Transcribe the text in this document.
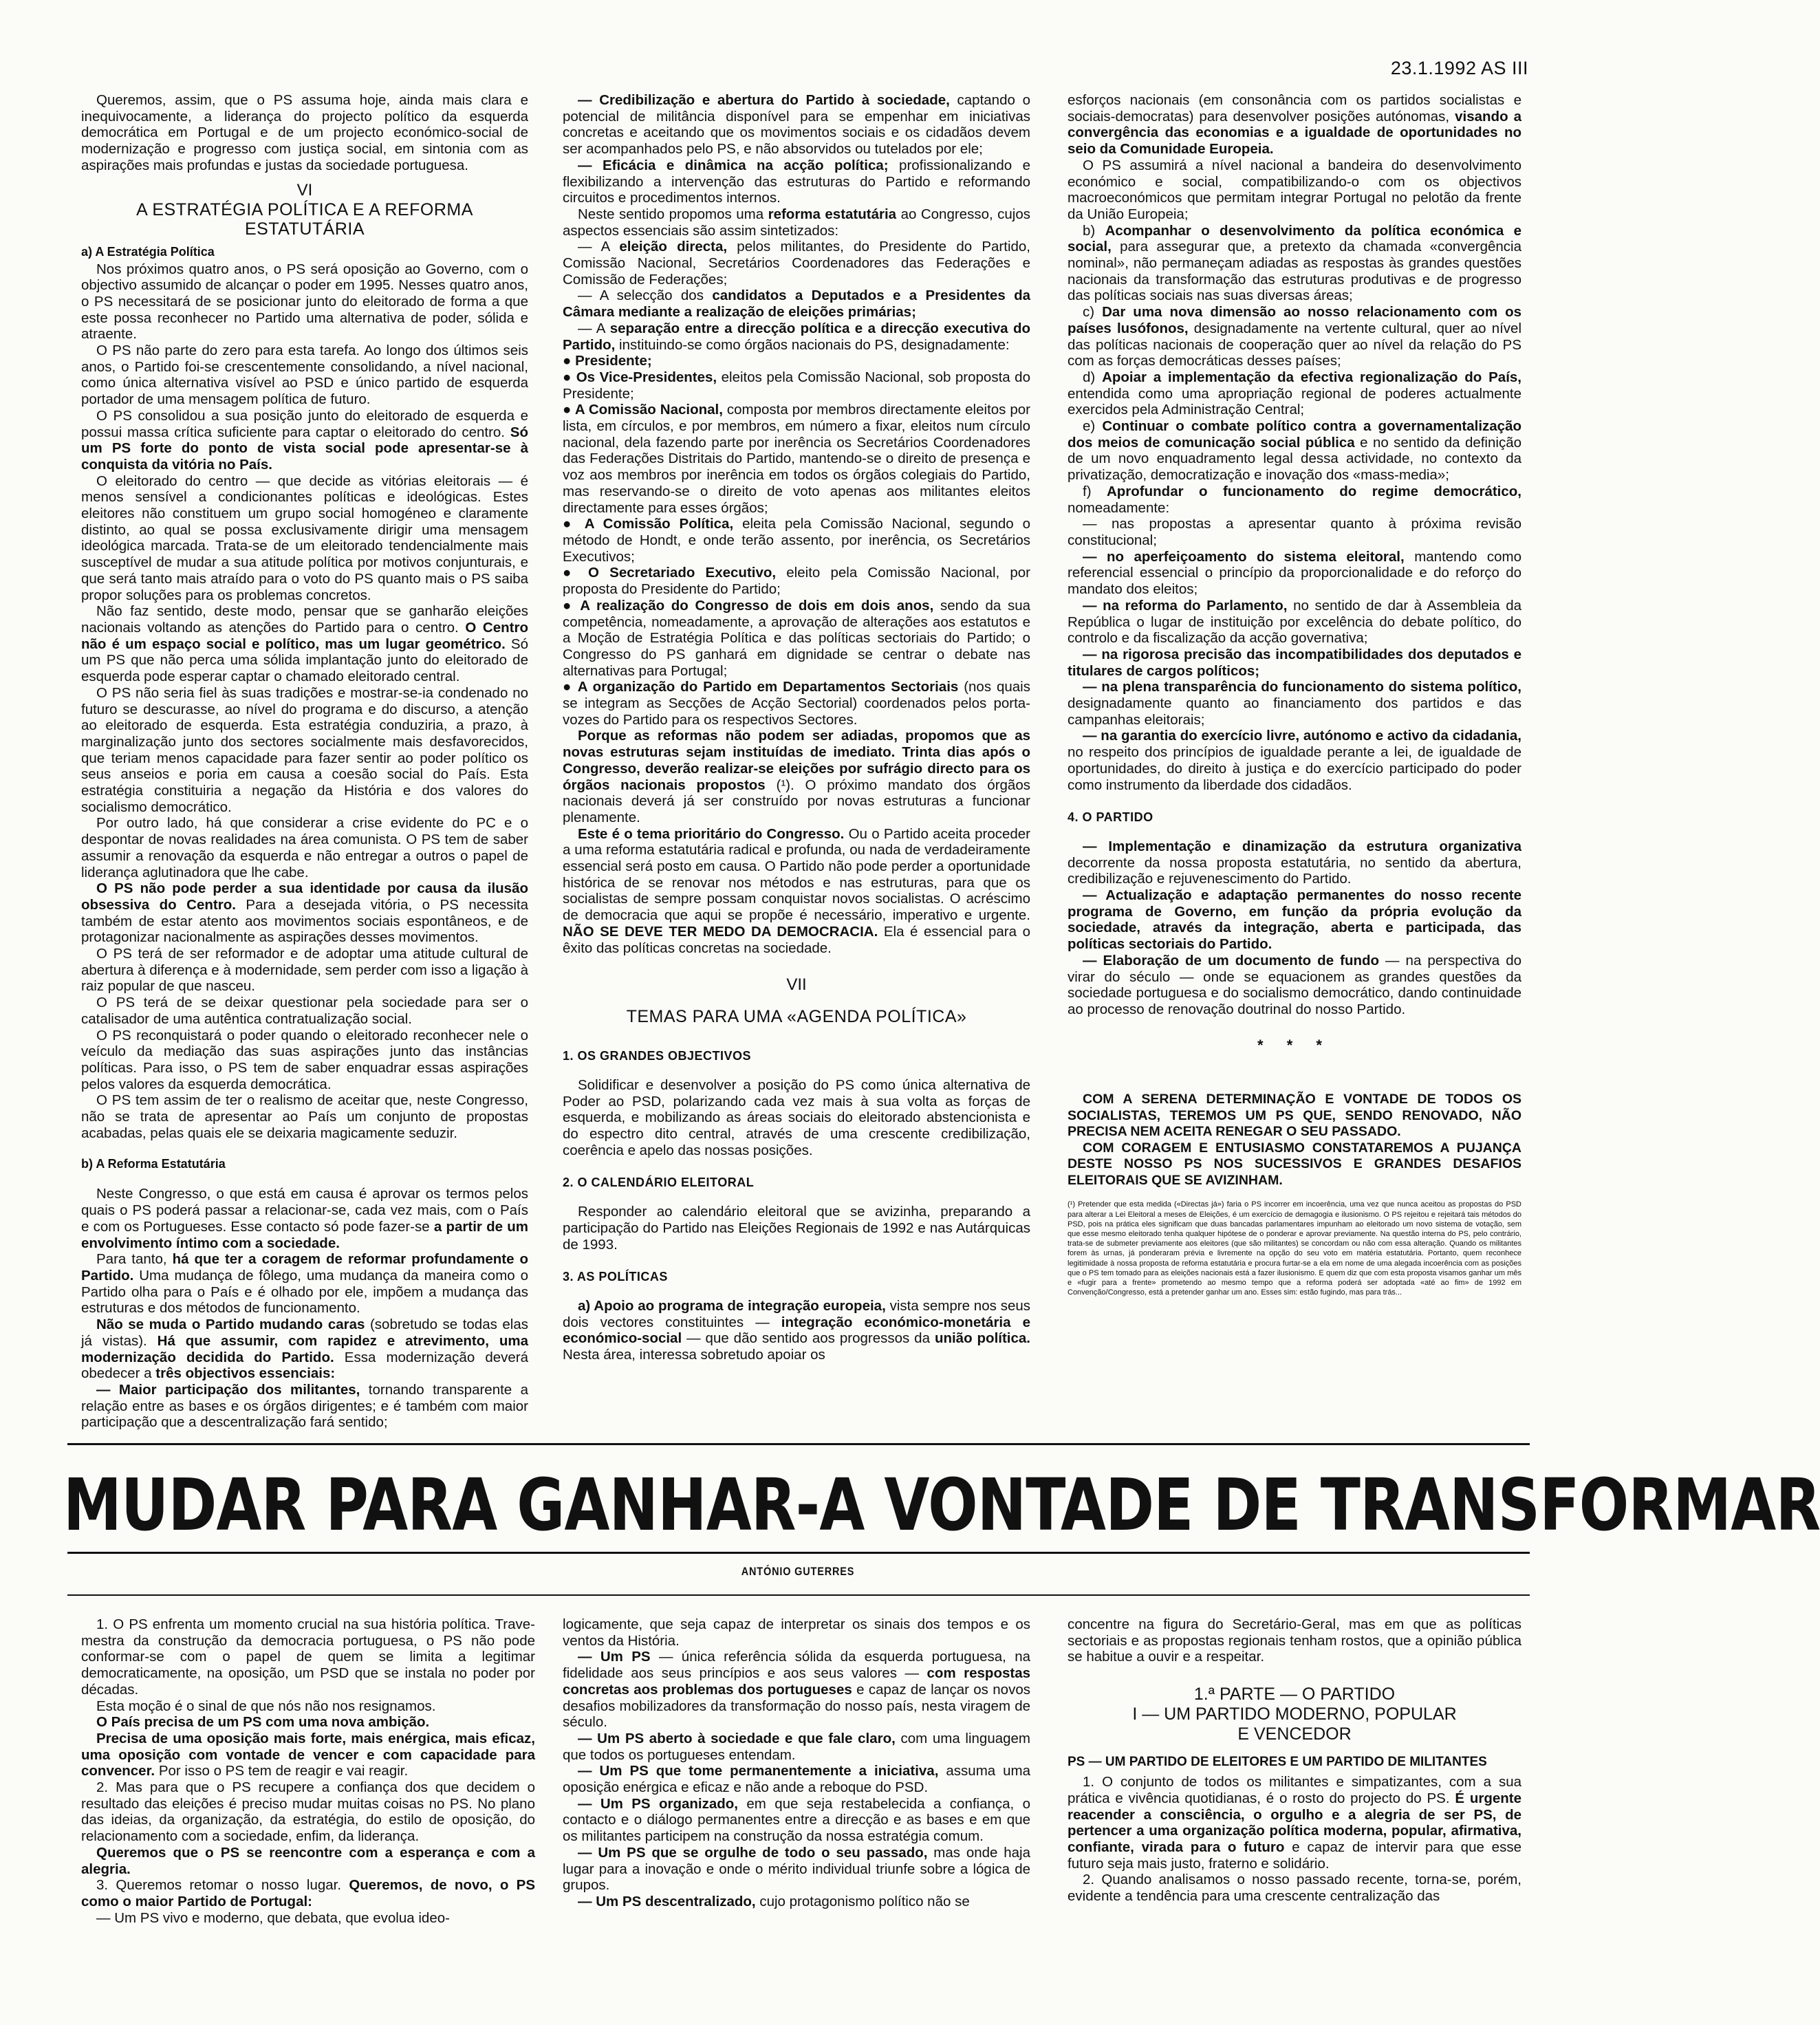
23.1.1992 AS III

Queremos, assim, que o PS assuma hoje, ainda mais clara e inequivocamente, a liderança do projecto político da esquerda democrática em Portugal e de um projecto económico-social de modernização e progresso com justiça social, em sintonia com as aspirações mais profundas e justas da sociedade portuguesa.

VI
A ESTRATÉGIA POLÍTICA E A REFORMA ESTATUTÁRIA
a) A Estratégia Política

Nos próximos quatro anos, o PS será oposição ao Governo, com o objectivo assumido de alcançar o poder em 1995. Nesses quatro anos, o PS necessitará de se posicionar junto do eleitorado de forma a que este possa reconhecer no Partido uma alternativa de poder, sólida e atraente.

O PS não parte do zero para esta tarefa. Ao longo dos últimos seis anos, o Partido foi-se crescentemente consolidando, a nível nacional, como única alternativa visível ao PSD e único partido de esquerda portador de uma mensagem política de futuro.

O PS consolidou a sua posição junto do eleitorado de esquerda e possui massa crítica suficiente para captar o eleitorado do centro. Só um PS forte do ponto de vista social pode apresentar-se à conquista da vitória no País.

O eleitorado do centro — que decide as vitórias eleitorais — é menos sensível a condicionantes políticas e ideológicas. Estes eleitores não constituem um grupo social homogéneo e claramente distinto, ao qual se possa exclusivamente dirigir uma mensagem ideológica marcada. Trata-se de um eleitorado tendencialmente mais susceptível de mudar a sua atitude política por motivos conjunturais, e que será tanto mais atraído para o voto do PS quanto mais o PS saiba propor soluções para os problemas concretos.

Não faz sentido, deste modo, pensar que se ganharão eleições nacionais voltando as atenções do Partido para o centro. O Centro não é um espaço social e político, mas um lugar geométrico. Só um PS que não perca uma sólida implantação junto do eleitorado de esquerda pode esperar captar o chamado eleitorado central.

O PS não seria fiel às suas tradições e mostrar-se-ia condenado no futuro se descurasse, ao nível do programa e do discurso, a atenção ao eleitorado de esquerda. Esta estratégia conduziria, a prazo, à marginalização junto dos sectores socialmente mais desfavorecidos, que teriam menos capacidade para fazer sentir ao poder político os seus anseios e poria em causa a coesão social do País. Esta estratégia constituiria a negação da História e dos valores do socialismo democrático.

Por outro lado, há que considerar a crise evidente do PC e o despontar de novas realidades na área comunista. O PS tem de saber assumir a renovação da esquerda e não entregar a outros o papel de liderança aglutinadora que lhe cabe.

O PS não pode perder a sua identidade por causa da ilusão obsessiva do Centro. Para a desejada vitória, o PS necessita também de estar atento aos movimentos sociais espontâneos, e de protagonizar nacionalmente as aspirações desses movimentos.

O PS terá de ser reformador e de adoptar uma atitude cultural de abertura à diferença e à modernidade, sem perder com isso a ligação à raiz popular de que nasceu.

O PS terá de se deixar questionar pela sociedade para ser o catalisador de uma autêntica contratualização social.

O PS reconquistará o poder quando o eleitorado reconhecer nele o veículo da mediação das suas aspirações junto das instâncias políticas. Para isso, o PS tem de saber enquadrar essas aspirações pelos valores da esquerda democrática.

O PS tem assim de ter o realismo de aceitar que, neste Congresso, não se trata de apresentar ao País um conjunto de propostas acabadas, pelas quais ele se deixaria magicamente seduzir.

b) A Reforma Estatutária

Neste Congresso, o que está em causa é aprovar os termos pelos quais o PS poderá passar a relacionar-se, cada vez mais, com o País e com os Portugueses. Esse contacto só pode fazer-se a partir de um envolvimento íntimo com a sociedade.

Para tanto, há que ter a coragem de reformar profundamente o Partido. Uma mudança de fôlego, uma mudança da maneira como o Partido olha para o País e é olhado por ele, impõem a mudança das estruturas e dos métodos de funcionamento.

Não se muda o Partido mudando caras (sobretudo se todas elas já vistas). Há que assumir, com rapidez e atrevimento, uma modernização decidida do Partido. Essa modernização deverá obedecer a três objectivos essenciais:

— Maior participação dos militantes, tornando transparente a relação entre as bases e os órgãos dirigentes; e é também com maior participação que a descentralização fará sentido;

— Credibilização e abertura do Partido à sociedade, captando o potencial de militância disponível para se empenhar em iniciativas concretas e aceitando que os movimentos sociais e os cidadãos devem ser acompanhados pelo PS, e não absorvidos ou tutelados por ele;

— Eficácia e dinâmica na acção política; profissionalizando e flexibilizando a intervenção das estruturas do Partido e reformando circuitos e procedimentos internos.

Neste sentido propomos uma reforma estatutária ao Congresso, cujos aspectos essenciais são assim sintetizados:

— A eleição directa, pelos militantes, do Presidente do Partido, Comissão Nacional, Secretários Coordenadores das Federações e Comissão de Federações;

— A selecção dos candidatos a Deputados e a Presidentes da Câmara mediante a realização de eleições primárias;

— A separação entre a direcção política e a direcção executiva do Partido, instituindo-se como órgãos nacionais do PS, designadamente:

● Presidente;

● Os Vice-Presidentes, eleitos pela Comissão Nacional, sob proposta do Presidente;

● A Comissão Nacional, composta por membros directamente eleitos por lista, em círculos, e por membros, em número a fixar, eleitos num círculo nacional, dela fazendo parte por inerência os Secretários Coordenadores das Federações Distritais do Partido, mantendo-se o direito de presença e voz aos membros por inerência em todos os órgãos colegiais do Partido, mas reservando-se o direito de voto apenas aos militantes eleitos directamente para esses órgãos;

● A Comissão Política, eleita pela Comissão Nacional, segundo o método de Hondt, e onde terão assento, por inerência, os Secretários Executivos;

● O Secretariado Executivo, eleito pela Comissão Nacional, por proposta do Presidente do Partido;

● A realização do Congresso de dois em dois anos, sendo da sua competência, nomeadamente, a aprovação de alterações aos estatutos e a Moção de Estratégia Política e das políticas sectoriais do Partido; o Congresso do PS ganhará em dignidade se centrar o debate nas alternativas para Portugal;

● A organização do Partido em Departamentos Sectoriais (nos quais se integram as Secções de Acção Sectorial) coordenados pelos porta-vozes do Partido para os respectivos Sectores.

Porque as reformas não podem ser adiadas, propomos que as novas estruturas sejam instituídas de imediato. Trinta dias após o Congresso, deverão realizar-se eleições por sufrágio directo para os órgãos nacionais propostos (¹). O próximo mandato dos órgãos nacionais deverá já ser construído por novas estruturas a funcionar plenamente.

Este é o tema prioritário do Congresso. Ou o Partido aceita proceder a uma reforma estatutária radical e profunda, ou nada de verdadeiramente essencial será posto em causa. O Partido não pode perder a oportunidade histórica de se renovar nos métodos e nas estruturas, para que os socialistas de sempre possam conquistar novos socialistas. O acréscimo de democracia que aqui se propõe é necessário, imperativo e urgente. NÃO SE DEVE TER MEDO DA DEMOCRACIA. Ela é essencial para o êxito das políticas concretas na sociedade.

VII
TEMAS PARA UMA «AGENDA POLÍTICA»
1. OS GRANDES OBJECTIVOS

Solidificar e desenvolver a posição do PS como única alternativa de Poder ao PSD, polarizando cada vez mais à sua volta as forças de esquerda, e mobilizando as áreas sociais do eleitorado abstencionista e do espectro dito central, através de uma crescente credibilização, coerência e apelo das nossas posições.

2. O CALENDÁRIO ELEITORAL

Responder ao calendário eleitoral que se avizinha, preparando a participação do Partido nas Eleições Regionais de 1992 e nas Autárquicas de 1993.

3. AS POLÍTICAS

a) Apoio ao programa de integração europeia, vista sempre nos seus dois vectores constituintes — integração económico-monetária e económico-social — que dão sentido aos progressos da união política. Nesta área, interessa sobretudo apoiar os

esforços nacionais (em consonância com os partidos socialistas e sociais-democratas) para desenvolver posições autónomas, visando a convergência das economias e a igualdade de oportunidades no seio da Comunidade Europeia.

O PS assumirá a nível nacional a bandeira do desenvolvimento económico e social, compatibilizando-o com os objectivos macroeconómicos que permitam integrar Portugal no pelotão da frente da União Europeia;

b) Acompanhar o desenvolvimento da política económica e social, para assegurar que, a pretexto da chamada «convergência nominal», não permaneçam adiadas as respostas às grandes questões nacionais da transformação das estruturas produtivas e de progresso das políticas sociais nas suas diversas áreas;

c) Dar uma nova dimensão ao nosso relacionamento com os países lusófonos, designadamente na vertente cultural, quer ao nível das políticas nacionais de cooperação quer ao nível da relação do PS com as forças democráticas desses países;

d) Apoiar a implementação da efectiva regionalização do País, entendida como uma apropriação regional de poderes actualmente exercidos pela Administração Central;

e) Continuar o combate político contra a governamentalização dos meios de comunicação social pública e no sentido da definição de um novo enquadramento legal dessa actividade, no contexto da privatização, democratização e inovação dos «mass-media»;

f) Aprofundar o funcionamento do regime democrático, nomeadamente:

— nas propostas a apresentar quanto à próxima revisão constitucional;

— no aperfeiçoamento do sistema eleitoral, mantendo como referencial essencial o princípio da proporcionalidade e do reforço do mandato dos eleitos;

— na reforma do Parlamento, no sentido de dar à Assembleia da República o lugar de instituição por excelência do debate político, do controlo e da fiscalização da acção governativa;

— na rigorosa precisão das incompatibilidades dos deputados e titulares de cargos políticos;

— na plena transparência do funcionamento do sistema político, designadamente quanto ao financiamento dos partidos e das campanhas eleitorais;

— na garantia do exercício livre, autónomo e activo da cidadania, no respeito dos princípios de igualdade perante a lei, de igualdade de oportunidades, do direito à justiça e do exercício participado do poder como instrumento da liberdade dos cidadãos.

4. O PARTIDO

— Implementação e dinamização da estrutura organizativa decorrente da nossa proposta estatutária, no sentido da abertura, credibilização e rejuvenescimento do Partido.

— Actualização e adaptação permanentes do nosso recente programa de Governo, em função da própria evolução da sociedade, através da integração, aberta e participada, das políticas sectoriais do Partido.

— Elaboração de um documento de fundo — na perspectiva do virar do século — onde se equacionem as grandes questões da sociedade portuguesa e do socialismo democrático, dando continuidade ao processo de renovação doutrinal do nosso Partido.

* * *

COM A SERENA DETERMINAÇÃO E VONTADE DE TODOS OS SOCIALISTAS, TEREMOS UM PS QUE, SENDO RENOVADO, NÃO PRECISA NEM ACEITA RENEGAR O SEU PASSADO.

COM CORAGEM E ENTUSIASMO CONSTATAREMOS A PUJANÇA DESTE NOSSO PS NOS SUCESSIVOS E GRANDES DESAFIOS ELEITORAIS QUE SE AVIZINHAM.

(¹) Pretender que esta medida («Directas já») faria o PS incorrer em incoerência, uma vez que nunca aceitou as propostas do PSD para alterar a Lei Eleitoral a meses de Eleições, é um exercício de demagogia e ilusionismo. O PS rejeitou e rejeitará tais métodos do PSD, pois na prática eles significam que duas bancadas parlamentares impunham ao eleitorado um novo sistema de votação, sem que esse mesmo eleitorado tenha qualquer hipótese de o ponderar e aprovar previamente. Na questão interna do PS, pelo contrário, trata-se de submeter previamente aos eleitores (que são militantes) se concordam ou não com essa alteração. Quando os militantes forem às urnas, já ponderaram prévia e livremente na opção do seu voto em matéria estatutária. Portanto, quem reconhece legitimidade à nossa proposta de reforma estatutária e procura furtar-se a ela em nome de uma alegada incoerência com as posições que o PS tem tomado para as eleições nacionais está a fazer ilusionismo. E quem diz que com esta proposta visamos ganhar um mês e «fugir para a frente» prometendo ao mesmo tempo que a reforma poderá ser adoptada «até ao fim» de 1992 em Convenção/Congresso, está a pretender ganhar um ano. Esses sim: estão fugindo, mas para trás...
MUDAR PARA GANHAR-A VONTADE DE TRANSFORMAR
ANTÓNIO GUTERRES

1. O PS enfrenta um momento crucial na sua história política. Trave-mestra da construção da democracia portuguesa, o PS não pode conformar-se com o papel de quem se limita a legitimar democraticamente, na oposição, um PSD que se instala no poder por décadas.

Esta moção é o sinal de que nós não nos resignamos.

O País precisa de um PS com uma nova ambição.

Precisa de uma oposição mais forte, mais enérgica, mais eficaz, uma oposição com vontade de vencer e com capacidade para convencer. Por isso o PS tem de reagir e vai reagir.

2. Mas para que o PS recupere a confiança dos que decidem o resultado das eleições é preciso mudar muitas coisas no PS. No plano das ideias, da organização, da estratégia, do estilo de oposição, do relacionamento com a sociedade, enfim, da liderança.

Queremos que o PS se reencontre com a esperança e com a alegria.

3. Queremos retomar o nosso lugar. Queremos, de novo, o PS como o maior Partido de Portugal:

— Um PS vivo e moderno, que debata, que evolua ideo-

logicamente, que seja capaz de interpretar os sinais dos tempos e os ventos da História.

— Um PS — única referência sólida da esquerda portuguesa, na fidelidade aos seus princípios e aos seus valores — com respostas concretas aos problemas dos portugueses e capaz de lançar os novos desafios mobilizadores da transformação do nosso país, nesta viragem de século.

— Um PS aberto à sociedade e que fale claro, com uma linguagem que todos os portugueses entendam.

— Um PS que tome permanentemente a iniciativa, assuma uma oposição enérgica e eficaz e não ande a reboque do PSD.

— Um PS organizado, em que seja restabelecida a confiança, o contacto e o diálogo permanentes entre a direcção e as bases e em que os militantes participem na construção da nossa estratégia comum.

— Um PS que se orgulhe de todo o seu passado, mas onde haja lugar para a inovação e onde o mérito individual triunfe sobre a lógica de grupos.

— Um PS descentralizado, cujo protagonismo político não se

concentre na figura do Secretário-Geral, mas em que as políticas sectoriais e as propostas regionais tenham rostos, que a opinião pública se habitue a ouvir e a respeitar.

1.ª PARTE — O PARTIDO
I — UM PARTIDO MODERNO, POPULAR
E VENCEDOR
PS — UM PARTIDO DE ELEITORES E UM PARTIDO DE MILITANTES

1. O conjunto de todos os militantes e simpatizantes, com a sua prática e vivência quotidianas, é o rosto do projecto do PS. É urgente reacender a consciência, o orgulho e a alegria de ser PS, de pertencer a uma organização política moderna, popular, afirmativa, confiante, virada para o futuro e capaz de intervir para que esse futuro seja mais justo, fraterno e solidário.

2. Quando analisamos o nosso passado recente, torna-se, porém, evidente a tendência para uma crescente centralização das
